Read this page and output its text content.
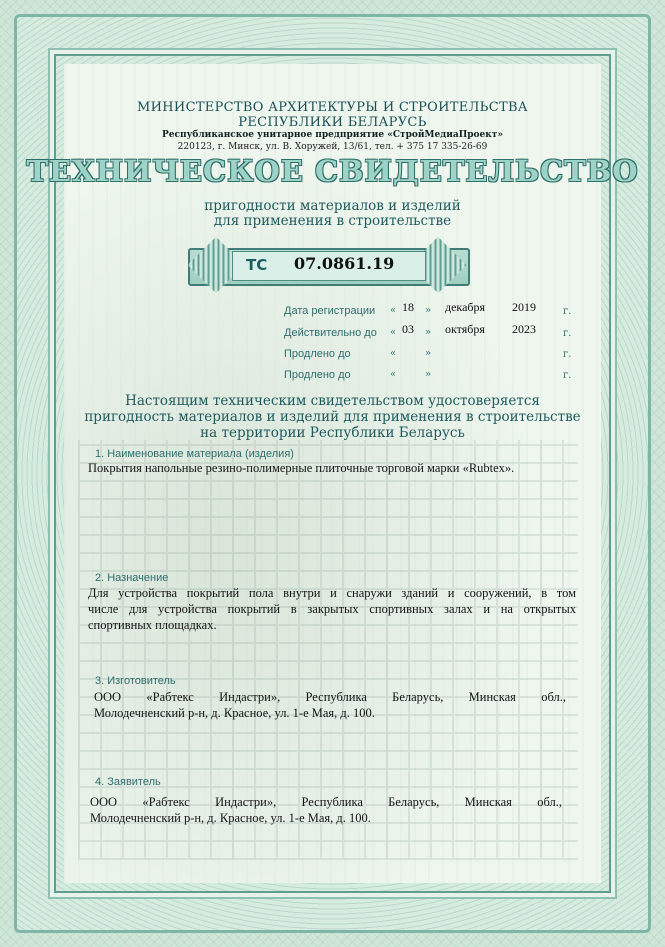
МИНИСТЕРСТВО АРХИТЕКТУРЫ И СТРОИТЕЛЬСТВА
РЕСПУБЛИКИ БЕЛАРУСЬ
Республиканское унитарное предприятие «СтройМедиаПроект»
220123, г. Минск, ул. В. Хоружей, 13/61, тел. + 375 17 335-26-69
ТЕХНИЧЕСКОЕ СВИДЕТЕЛЬСТВО
пригодности материалов и изделий
для применения в строительстве
ТС 07.0861.19
Дата регистрации « 18 » декабря 2019	г.
Действительно до « 03 » октября 2023	г.
Продлено до	«	»	г.
Продлено до	«	»	г.
Настоящим техническим свидетельством удостоверяется
пригодность материалов и изделий для применения в строительстве
на территории Республики Беларусь
1. Наименование материала (изделия)
Покрытия напольные резино-полимерные плиточные торговой марки «Rubtex».
2. Назначение
Для устройства покрытий пола внутри и снаружи зданий и сооружений, в том
числе для устройства покрытий в закрытых спортивных залах и на открытых
спортивных площадках.
3. Изготовитель
ООО «Рабтекс Индастри», Республика Беларусь, Минская обл.,
Молодечненский р-н, д. Красное, ул. 1-е Мая, д. 100.
4. Заявитель
ООО «Рабтекс Индастри», Республика Беларусь, Минская обл.,
Молодечненский р-н, д. Красное, ул. 1-е Мая, д. 100.
